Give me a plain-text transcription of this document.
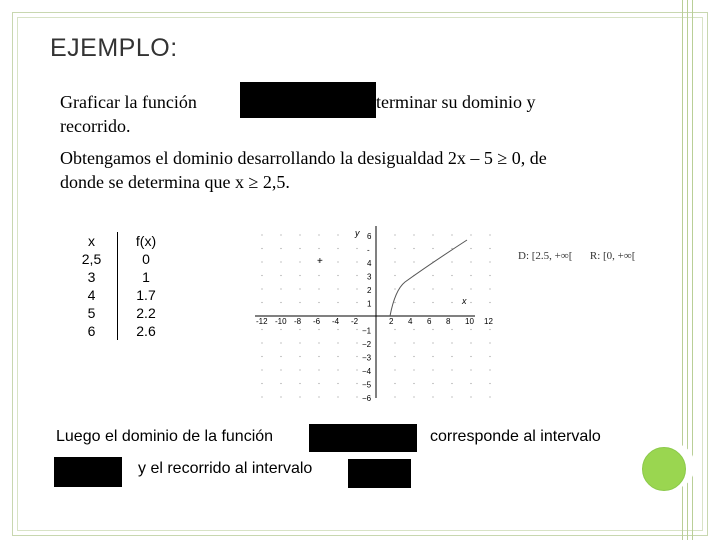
EJEMPLO:
Graficar la función	terminar su dominio y
recorrido.
Obtengamos el dominio desarrollando la desigualdad 2x – 5 ≥ 0, de
donde se determina que x ≥ 2,5.
x	f(x)
2,5	0
3	1
4	1.7
5	2.2
6	2.6
y
x
+
-12 -10 -8 -6 -4 -2	2 4 6 8 10 12
6
-
4
3
2
1
−1
−2
−3
−4
−5
−6
D: [2.5, +∞[ R: [0, +∞[
Luego el dominio de la función	corresponde al intervalo
y el recorrido al intervalo
